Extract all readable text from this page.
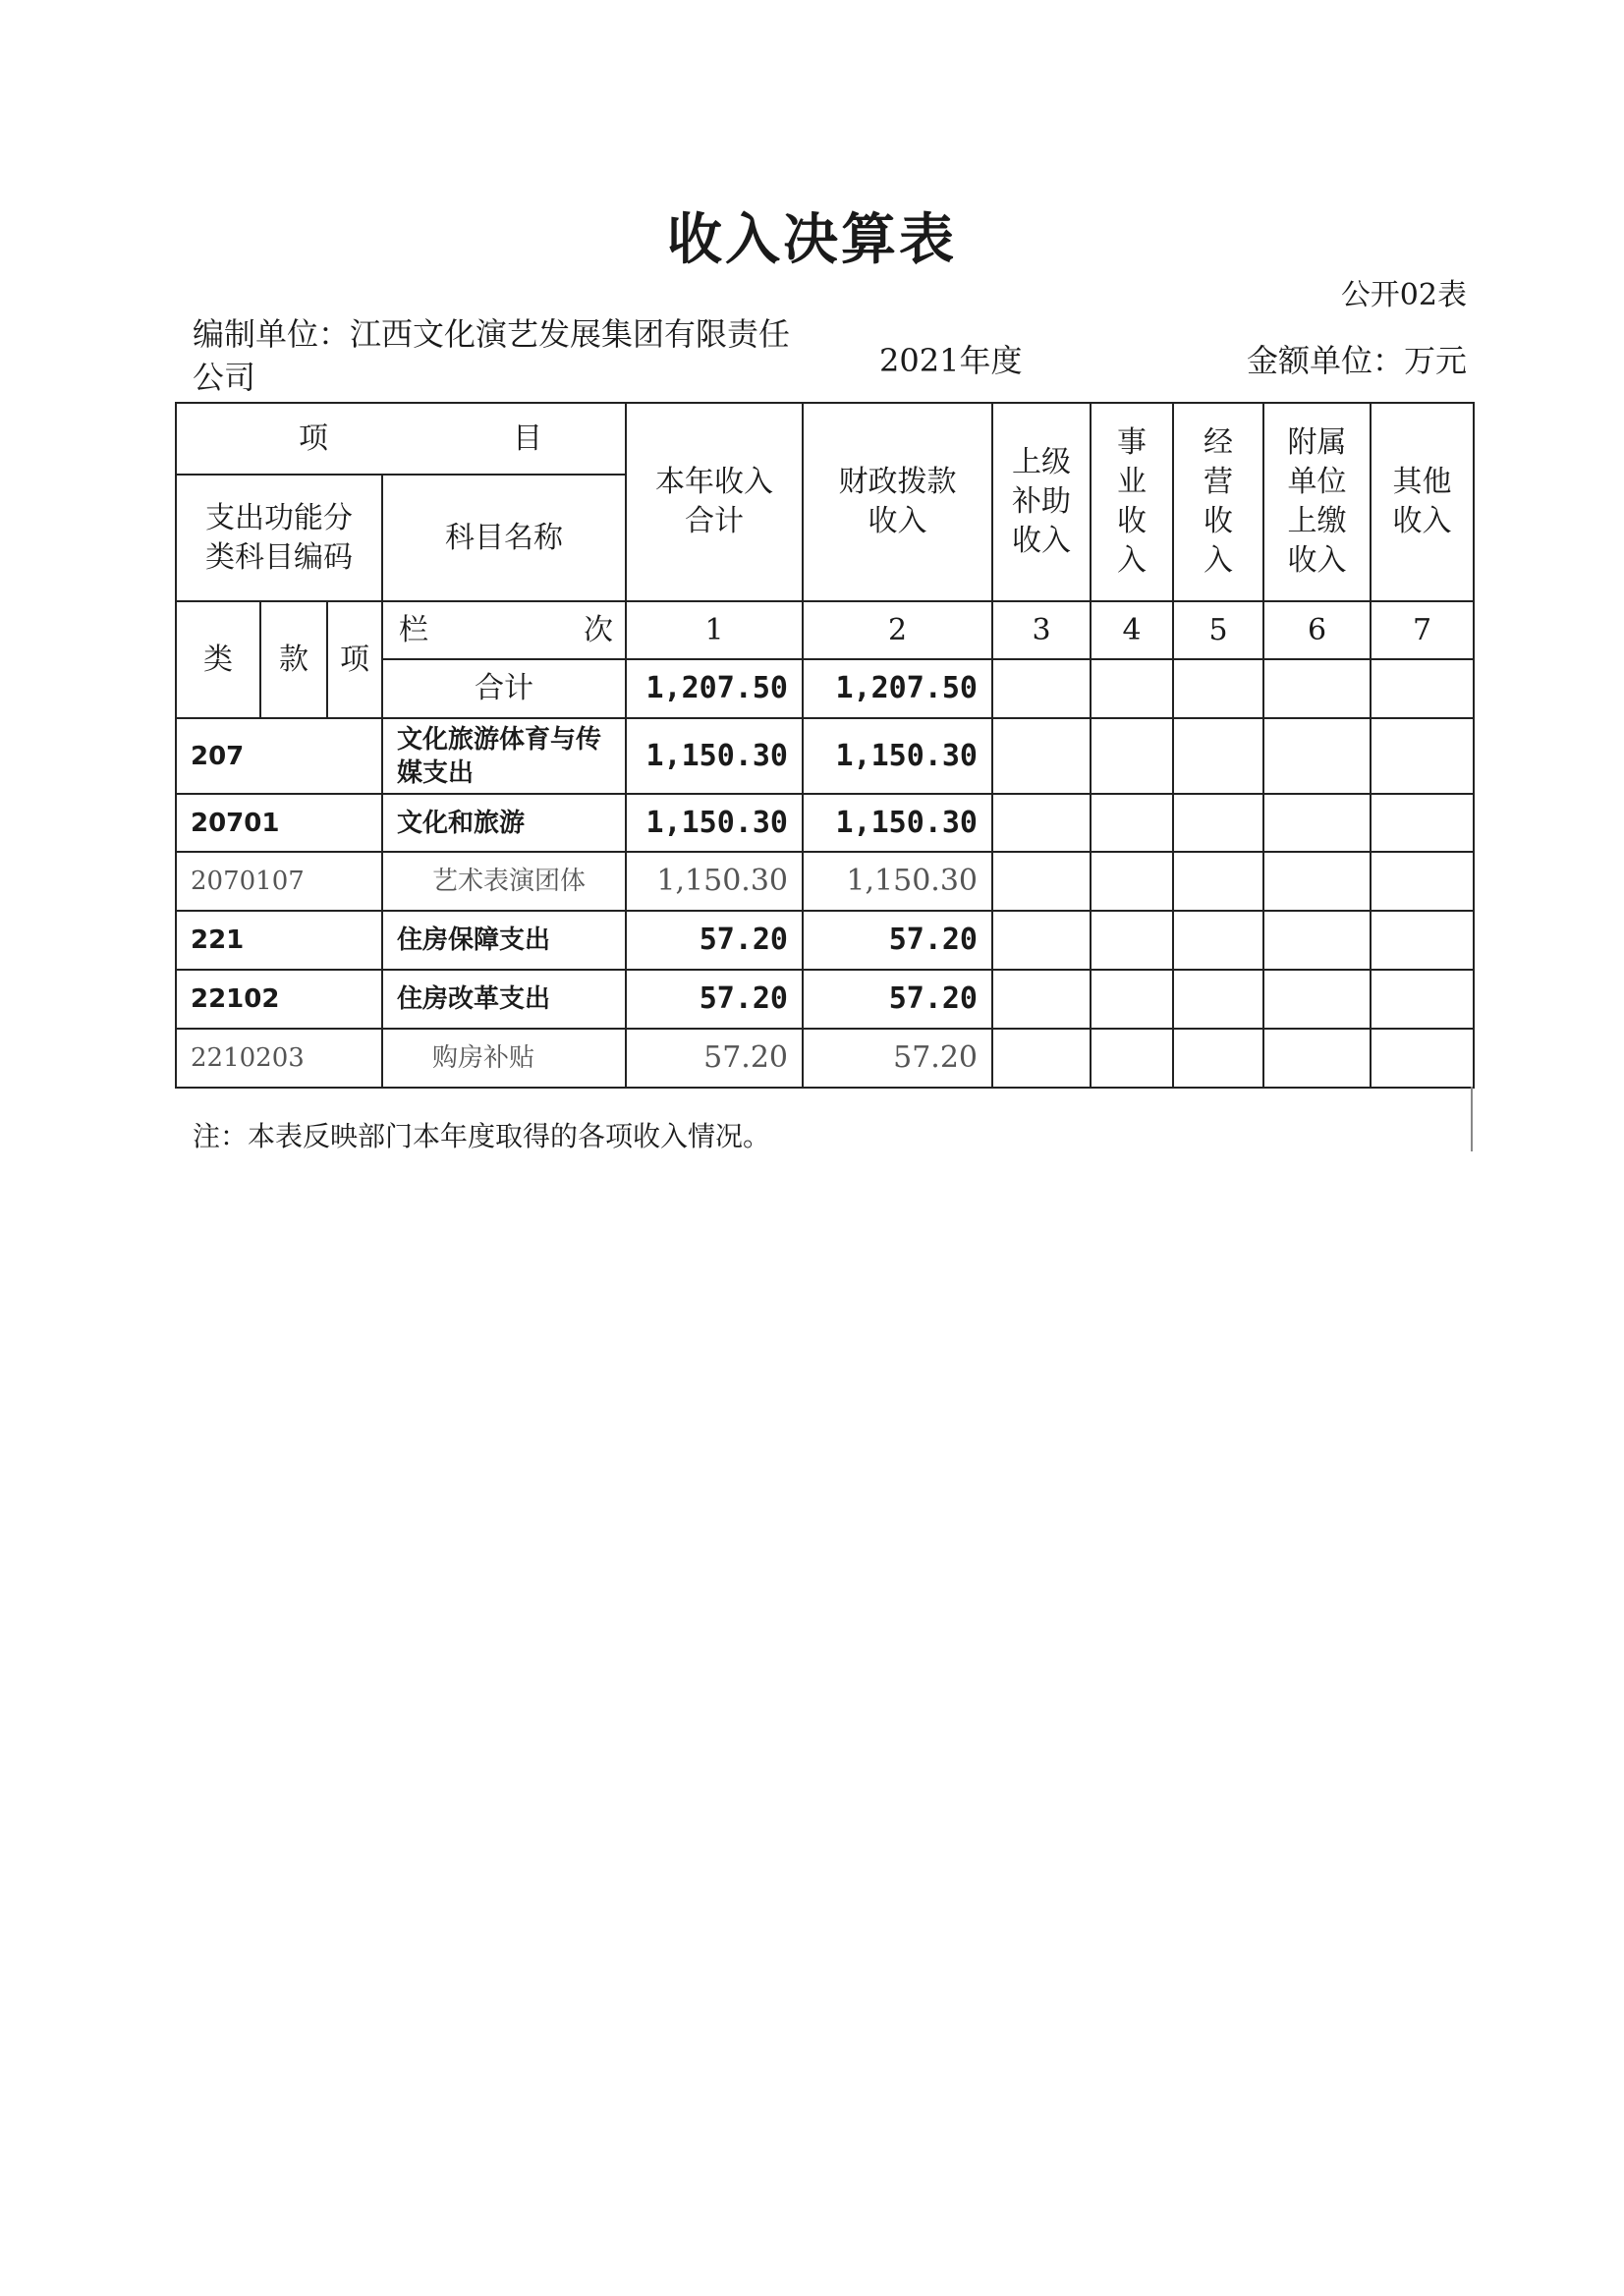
收入决算表
公开02表
编制单位：江西文化演艺发展集团有限责任公司	2021年度	金额单位：万元
项 目				本年收入合计	财政拨款收入	上级补助收入	事业收入	经营收入	附属单位上缴收入	其他收入
支出功能分类科目编码			科目名称							
类	款	项	栏 次	1	2	3	4	5	6	7
			合计	1,207.50	1,207.50					
207			文化旅游体育与传媒支出	1,150.30	1,150.30					
20701			文化和旅游	1,150.30	1,150.30					
2070107			艺术表演团体	1,150.30	1,150.30					
221			住房保障支出	57.20	57.20					
22102			住房改革支出	57.20	57.20					
2210203			购房补贴	57.20	57.20					
注：本表反映部门本年度取得的各项收入情况。
